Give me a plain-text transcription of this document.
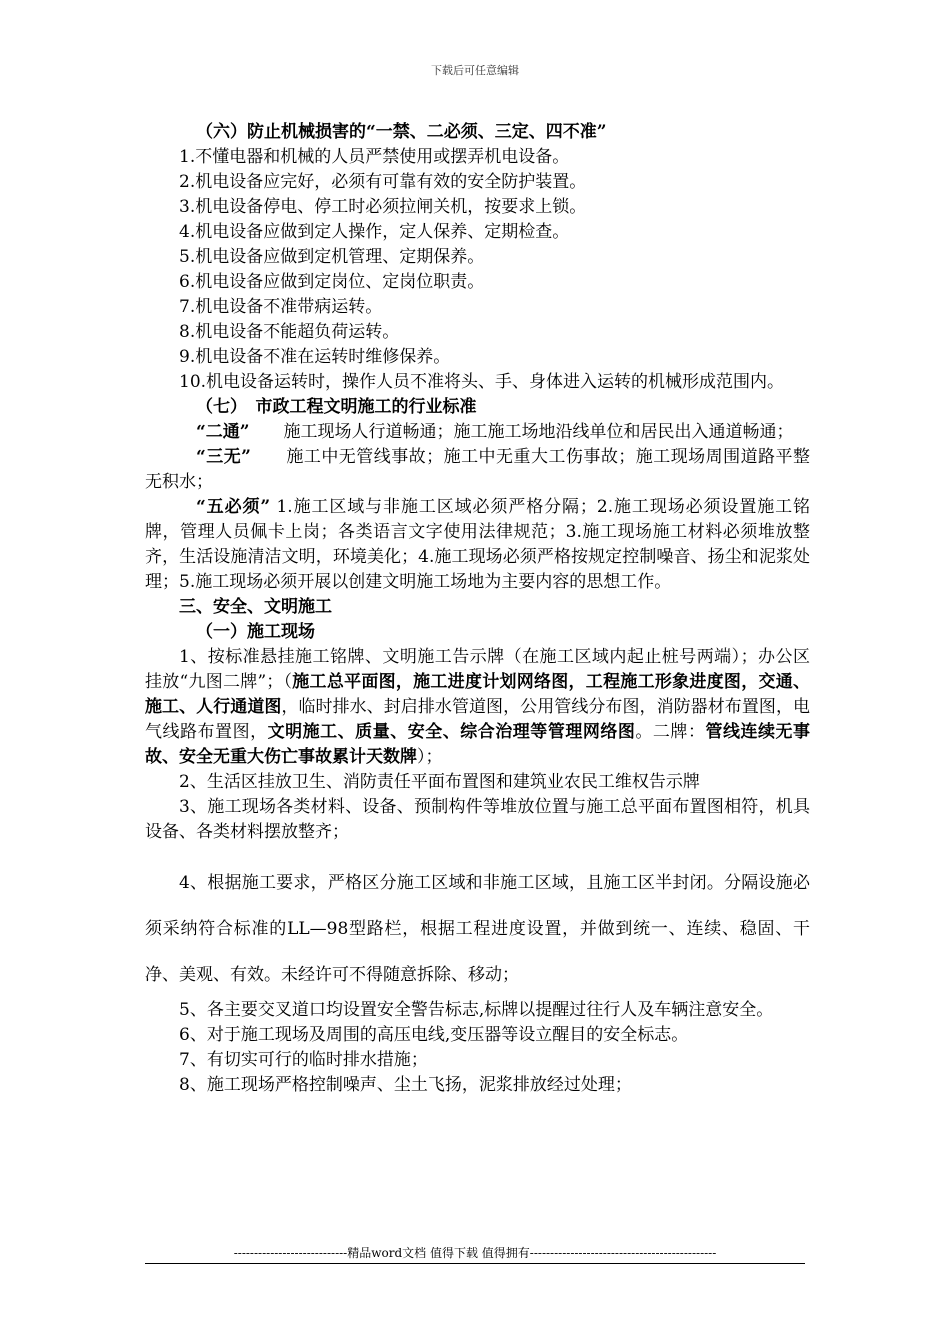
下载后可任意编辑

（六）防止机械损害的“一禁、二必须、三定、四不准”

1.不懂电器和机械的人员严禁使用或摆弄机电设备。

2.机电设备应完好，必须有可靠有效的安全防护装置。

3.机电设备停电、停工时必须拉闸关机，按要求上锁。

4.机电设备应做到定人操作，定人保养、定期检查。

5.机电设备应做到定机管理、定期保养。

6.机电设备应做到定岗位、定岗位职责。

7.机电设备不准带病运转。

8.机电设备不能超负荷运转。

9.机电设备不准在运转时维修保养。

10.机电设备运转时，操作人员不准将头、手、身体进入运转的机械形成范围内。

（七）　市政工程文明施工的行业标准

“二通”　　施工现场人行道畅通；施工施工场地沿线单位和居民出入通道畅通；

“三无”　　施工中无管线事故；施工中无重大工伤事故；施工现场周围道路平整无积水；

“五必须” 1.施工区域与非施工区域必须严格分隔；2.施工现场必须设置施工铭牌，管理人员佩卡上岗；各类语言文字使用法律规范；3.施工现场施工材料必须堆放整齐，生活设施清洁文明，环境美化；4.施工现场必须严格按规定控制噪音、扬尘和泥浆处理；5.施工现场必须开展以创建文明施工场地为主要内容的思想工作。

三、安全、文明施工

（一）施工现场

1、按标准悬挂施工铭牌、文明施工告示牌（在施工区域内起止桩号两端）；办公区挂放“九图二牌”；（施工总平面图，施工进度计划网络图，工程施工形象进度图，交通、施工、人行通道图，临时排水、封启排水管道图，公用管线分布图，消防器材布置图，电气线路布置图，文明施工、质量、安全、综合治理等管理网络图。二牌：管线连续无事故、安全无重大伤亡事故累计天数牌）；

2、生活区挂放卫生、消防责任平面布置图和建筑业农民工维权告示牌

3、施工现场各类材料、设备、预制构件等堆放位置与施工总平面布置图相符，机具设备、各类材料摆放整齐；

4、根据施工要求，严格区分施工区域和非施工区域，且施工区半封闭。分隔设施必须采纳符合标准的LL—98型路栏，根据工程进度设置，并做到统一、连续、稳固、干净、美观、有效。未经许可不得随意拆除、移动；

5、各主要交叉道口均设置安全警告标志,标牌以提醒过往行人及车辆注意安全。

6、对于施工现场及周围的高压电线,变压器等设立醒目的安全标志。

7、有切实可行的临时排水措施；

8、施工现场严格控制噪声、尘土飞扬，泥浆排放经过处理；

----------------------------精品word文档 值得下载 值得拥有----------------------------------------------
